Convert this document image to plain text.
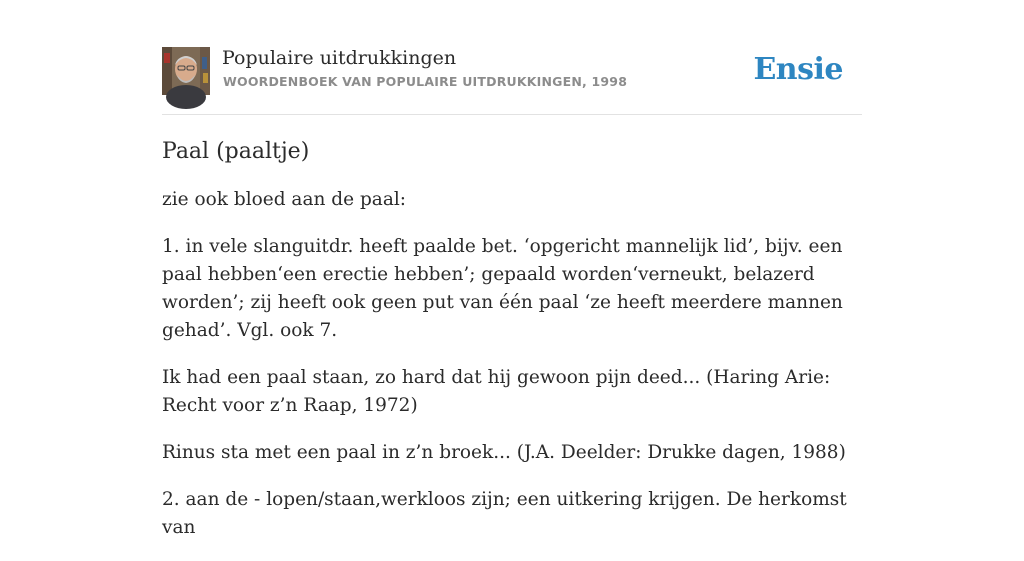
Populaire uitdrukkingen
WOORDENBOEK VAN POPULAIRE UITDRUKKINGEN, 1998	Ensie
Paal (paaltje)

zie ook bloed aan de paal:

1. in vele slanguitdr. heeft paalde bet. ‘opgericht mannelijk lid’, bijv. een paal hebben‘een erectie hebben’; gepaald worden‘verneukt, belazerd worden’; zij heeft ook geen put van één paal ‘ze heeft meerdere mannen gehad’. Vgl. ook 7.

Ik had een paal staan, zo hard dat hij gewoon pijn deed... (Haring Arie: Recht voor z’n Raap, 1972)

Rinus sta met een paal in z’n broek... (J.A. Deelder: Drukke dagen, 1988)

2. aan de - lopen/staan,werkloos zijn; een uitkering krijgen. De herkomst van
